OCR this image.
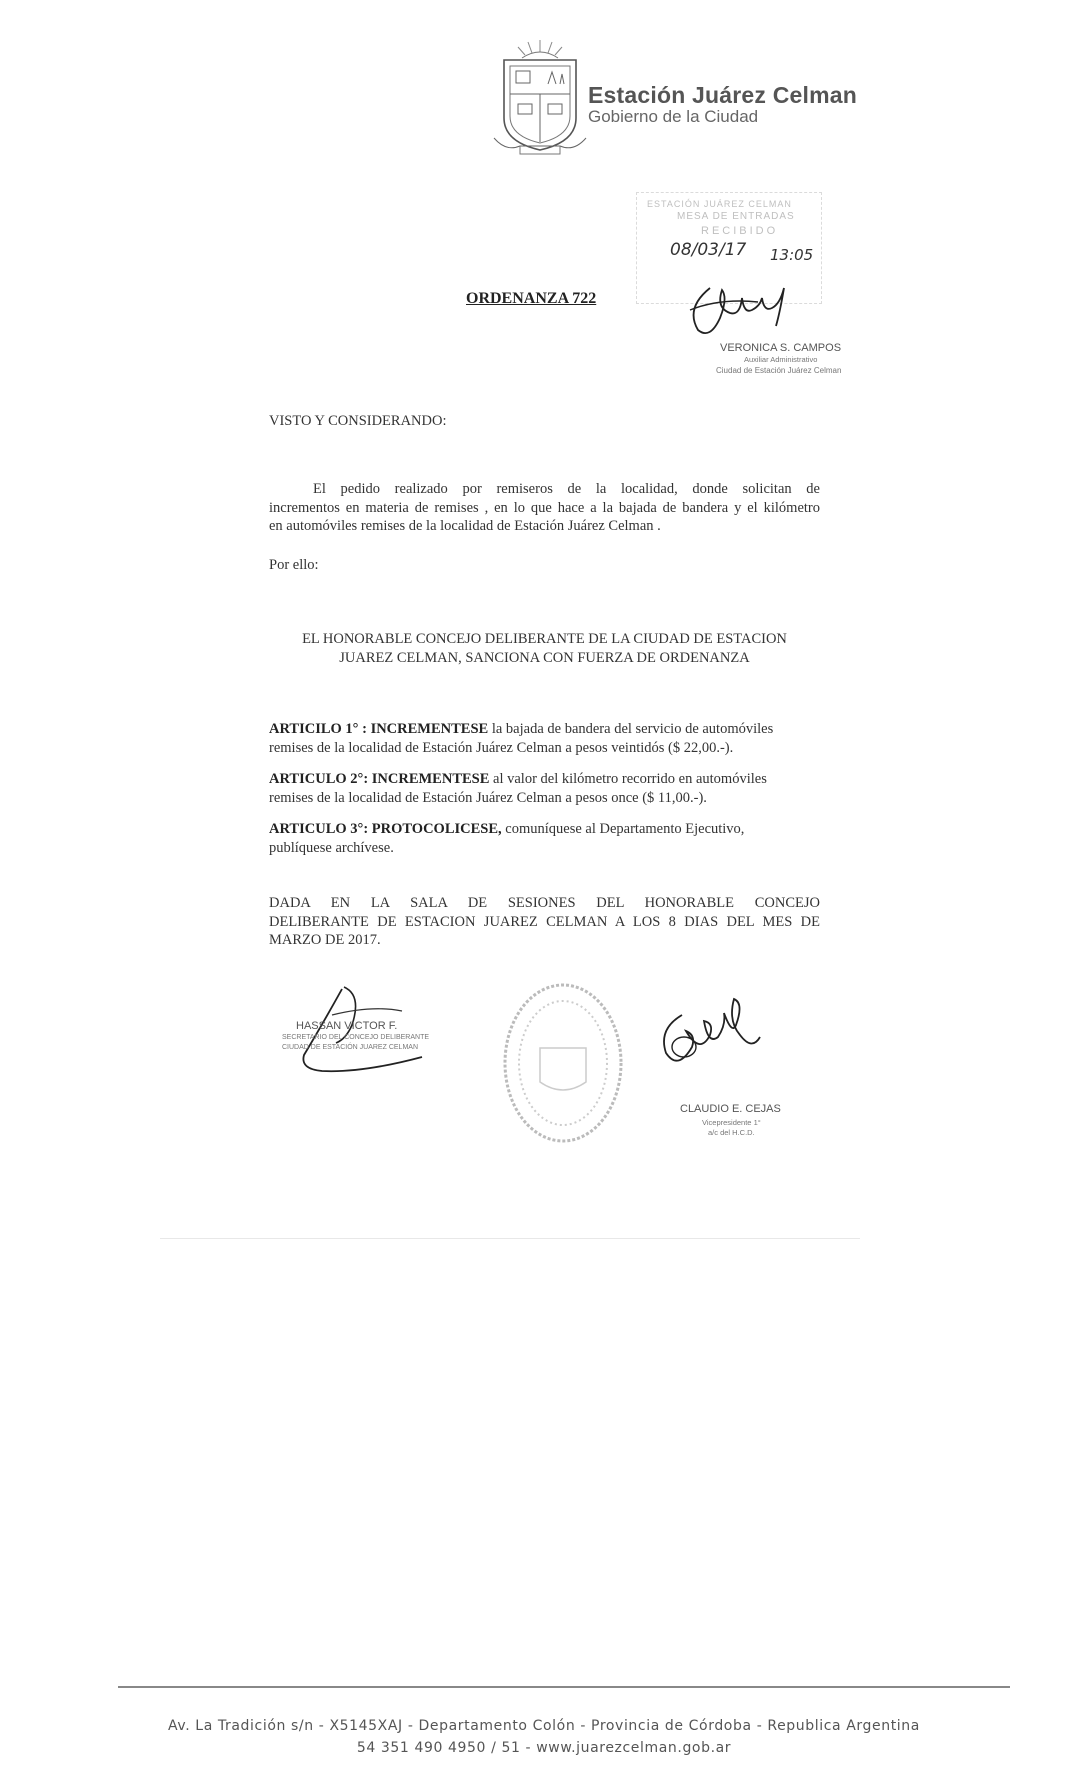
Estación Juárez Celman
Gobierno de la Ciudad
ESTACIÓN JUÁREZ CELMAN
MESA DE ENTRADAS
RECIBIDO
08/03/17 13:05
VERONICA S. CAMPOS
Auxiliar Administrativo
Ciudad de Estación Juárez Celman
ORDENANZA 722
VISTO Y CONSIDERANDO:
El pedido realizado por remiseros de la localidad, donde solicitan de
incrementos en materia de remises , en lo que hace a la bajada de bandera y el kilómetro
en automóviles remises de la localidad de Estación Juárez Celman .
Por ello:
EL HONORABLE CONCEJO DELIBERANTE DE LA CIUDAD DE ESTACION
JUAREZ CELMAN, SANCIONA CON FUERZA DE ORDENANZA
ARTICILO 1° : INCREMENTESE la bajada de bandera del servicio de automóviles
remises de la localidad de Estación Juárez Celman a pesos veintidós ($ 22,00.-).
ARTICULO 2°: INCREMENTESE al valor del kilómetro recorrido en automóviles
remises de la localidad de Estación Juárez Celman a pesos once ($ 11,00.-).
ARTICULO 3°: PROTOCOLICESE, comuníquese al Departamento Ejecutivo,
publíquese archívese.
DADA EN LA SALA DE SESIONES DEL HONORABLE CONCEJO
DELIBERANTE DE ESTACION JUAREZ CELMAN A LOS 8 DIAS DEL MES DE
MARZO DE 2017.
HASSAN VICTOR F.
SECRETARIO DEL CONCEJO DELIBERANTE
CIUDAD DE ESTACIÓN JUAREZ CELMAN
CLAUDIO E. CEJAS
Vicepresidente 1°
a/c del H.C.D.
Av. La Tradición s/n - X5145XAJ - Departamento Colón - Provincia de Córdoba - Republica Argentina
54 351 490 4950 / 51 - www.juarezcelman.gob.ar
